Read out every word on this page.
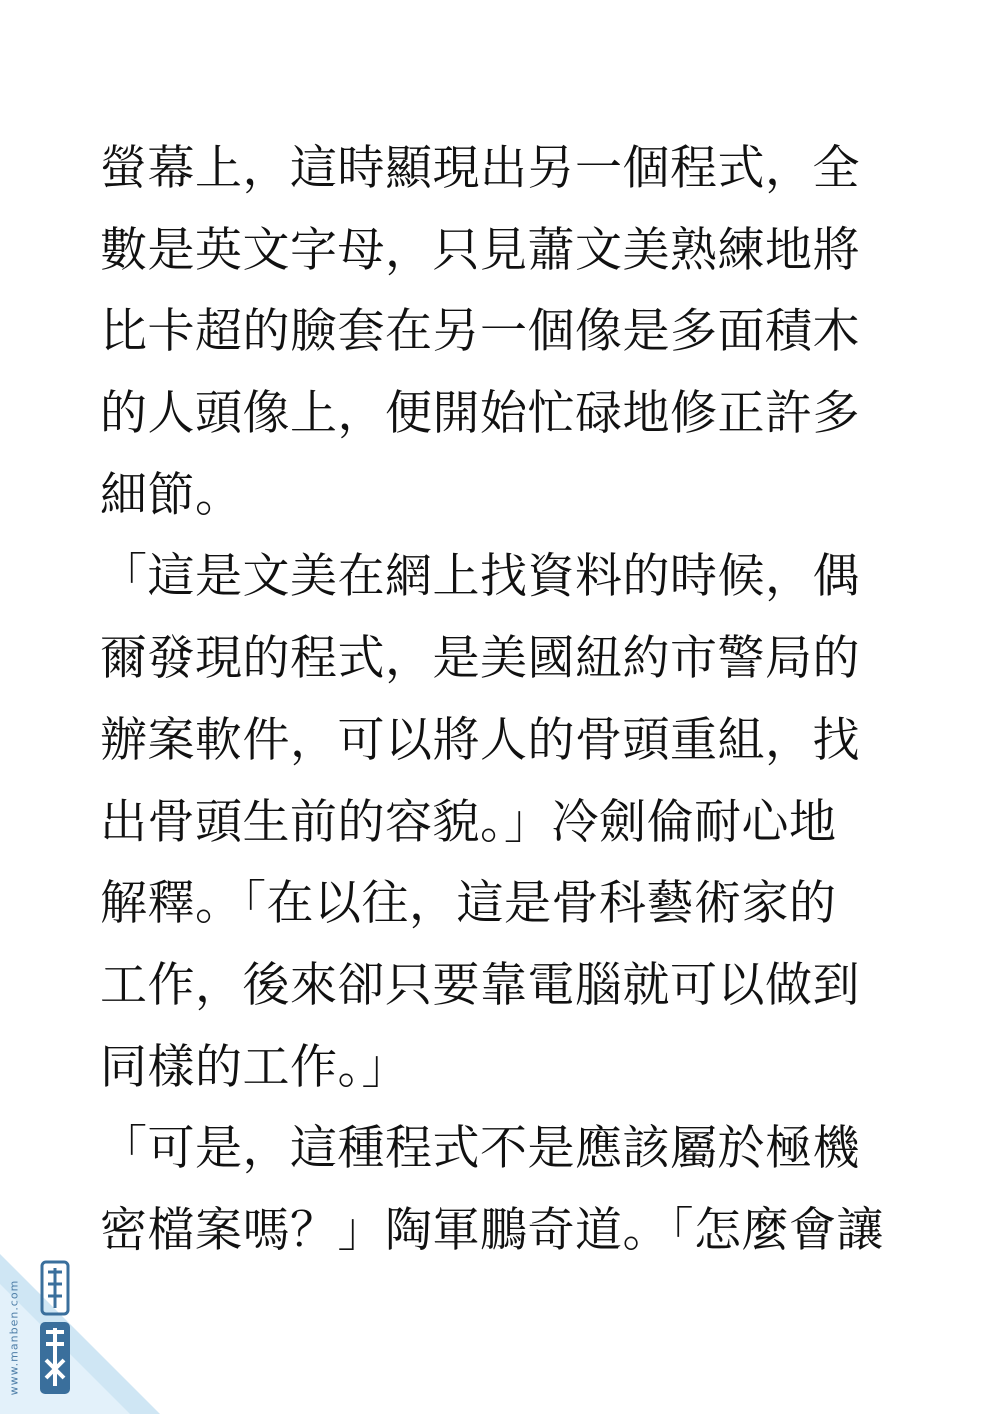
螢幕上，這時顯現出另一個程式，全
數是英文字母，只見蕭文美熟練地將
比卡超的臉套在另一個像是多面積木
的人頭像上，便開始忙碌地修正許多
細節。
「這是文美在網上找資料的時候，偶
爾發現的程式，是美國紐約市警局的
辦案軟件，可以將人的骨頭重組，找
出骨頭生前的容貌。」冷劍倫耐心地
解釋。「在以往，這是骨科藝術家的
工作，後來卻只要靠電腦就可以做到
同樣的工作。」
「可是，這種程式不是應該屬於極機
密檔案嗎？」陶軍鵬奇道。「怎麼會讓
www.manben.com
